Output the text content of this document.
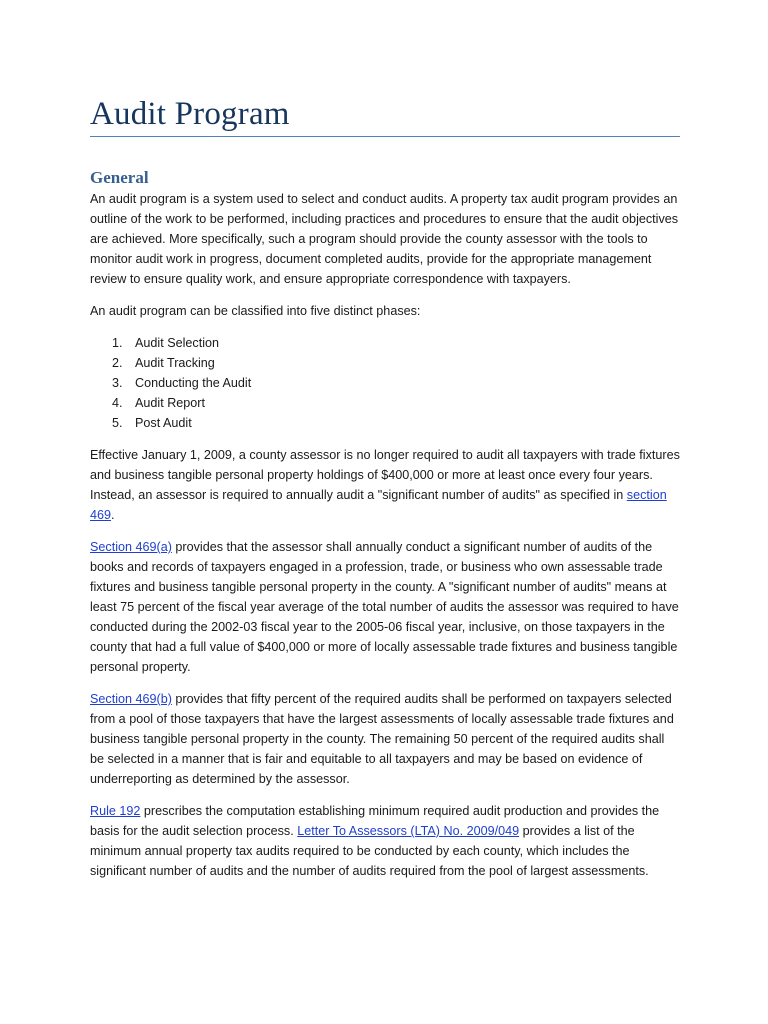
Audit Program
General

An audit program is a system used to select and conduct audits. A property tax audit program provides an outline of the work to be performed, including practices and procedures to ensure that the audit objectives are achieved. More specifically, such a program should provide the county assessor with the tools to monitor audit work in progress, document completed audits, provide for the appropriate management review to ensure quality work, and ensure appropriate correspondence with taxpayers.

An audit program can be classified into five distinct phases:

1. Audit Selection
2. Audit Tracking
3. Conducting the Audit
4. Audit Report
5. Post Audit

Effective January 1, 2009, a county assessor is no longer required to audit all taxpayers with trade fixtures and business tangible personal property holdings of $400,000 or more at least once every four years. Instead, an assessor is required to annually audit a "significant number of audits" as specified in section 469.

Section 469(a) provides that the assessor shall annually conduct a significant number of audits of the books and records of taxpayers engaged in a profession, trade, or business who own assessable trade fixtures and business tangible personal property in the county. A "significant number of audits" means at least 75 percent of the fiscal year average of the total number of audits the assessor was required to have conducted during the 2002-03 fiscal year to the 2005-06 fiscal year, inclusive, on those taxpayers in the county that had a full value of $400,000 or more of locally assessable trade fixtures and business tangible personal property.

Section 469(b) provides that fifty percent of the required audits shall be performed on taxpayers selected from a pool of those taxpayers that have the largest assessments of locally assessable trade fixtures and business tangible personal property in the county. The remaining 50 percent of the required audits shall be selected in a manner that is fair and equitable to all taxpayers and may be based on evidence of underreporting as determined by the assessor.

Rule 192 prescribes the computation establishing minimum required audit production and provides the basis for the audit selection process. Letter To Assessors (LTA) No. 2009/049 provides a list of the minimum annual property tax audits required to be conducted by each county, which includes the significant number of audits and the number of audits required from the pool of largest assessments.
